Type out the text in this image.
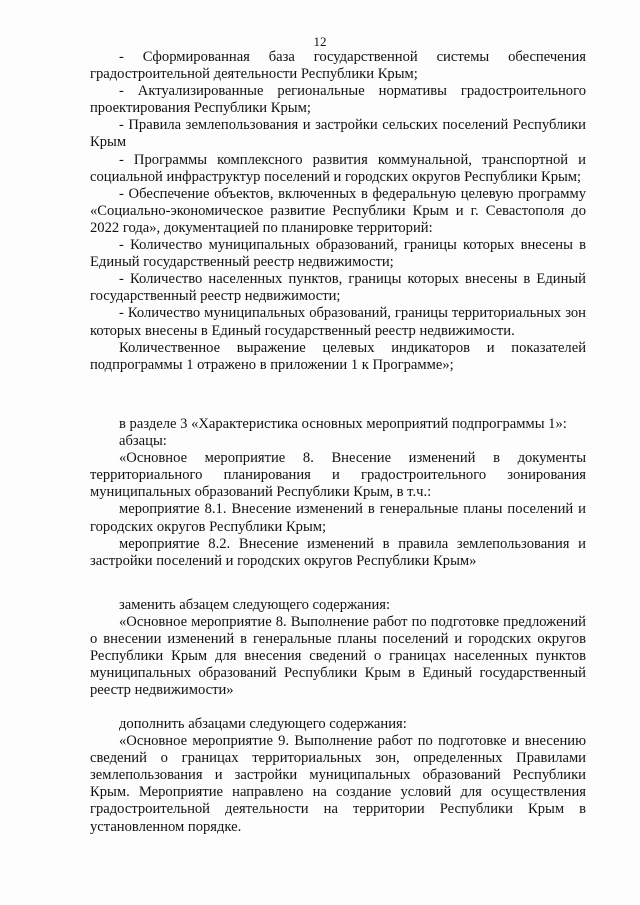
12

- Сформированная база государственной системы обеспечения градостроительной деятельности Республики Крым;

- Актуализированные региональные нормативы градостроительного проектирования Республики Крым;

- Правила землепользования и застройки сельских поселений Республики Крым

- Программы комплексного развития коммунальной, транспортной и социальной инфраструктур поселений и городских округов Республики Крым;

- Обеспечение объектов, включенных в федеральную целевую программу «Социально-экономическое развитие Республики Крым и г. Севастополя до 2022 года», документацией по планировке территорий:

- Количество муниципальных образований, границы которых внесены в Единый государственный реестр недвижимости;

- Количество населенных пунктов, границы которых внесены в Единый государственный реестр недвижимости;

- Количество муниципальных образований, границы территориальных зон которых внесены в Единый государственный реестр недвижимости.

Количественное выражение целевых индикаторов и показателей подпрограммы 1 отражено в приложении 1 к Программе»;

в разделе 3 «Характеристика основных мероприятий подпрограммы 1»:

абзацы:

«Основное мероприятие 8. Внесение изменений в документы территориального планирования и градостроительного зонирования муниципальных образований Республики Крым, в т.ч.:

мероприятие 8.1. Внесение изменений в генеральные планы поселений и городских округов Республики Крым;

мероприятие 8.2. Внесение изменений в правила землепользования и застройки поселений и городских округов Республики Крым»

заменить абзацем следующего содержания:

«Основное мероприятие 8. Выполнение работ по подготовке предложений о внесении изменений в генеральные планы поселений и городских округов Республики Крым для внесения сведений о границах населенных пунктов муниципальных образований Республики Крым в Единый государственный реестр недвижимости»

дополнить абзацами следующего содержания:

«Основное мероприятие 9. Выполнение работ по подготовке и внесению сведений о границах территориальных зон, определенных Правилами землепользования и застройки муниципальных образований Республики Крым. Мероприятие направлено на создание условий для осуществления градостроительной деятельности на территории Республики Крым в установленном порядке.
